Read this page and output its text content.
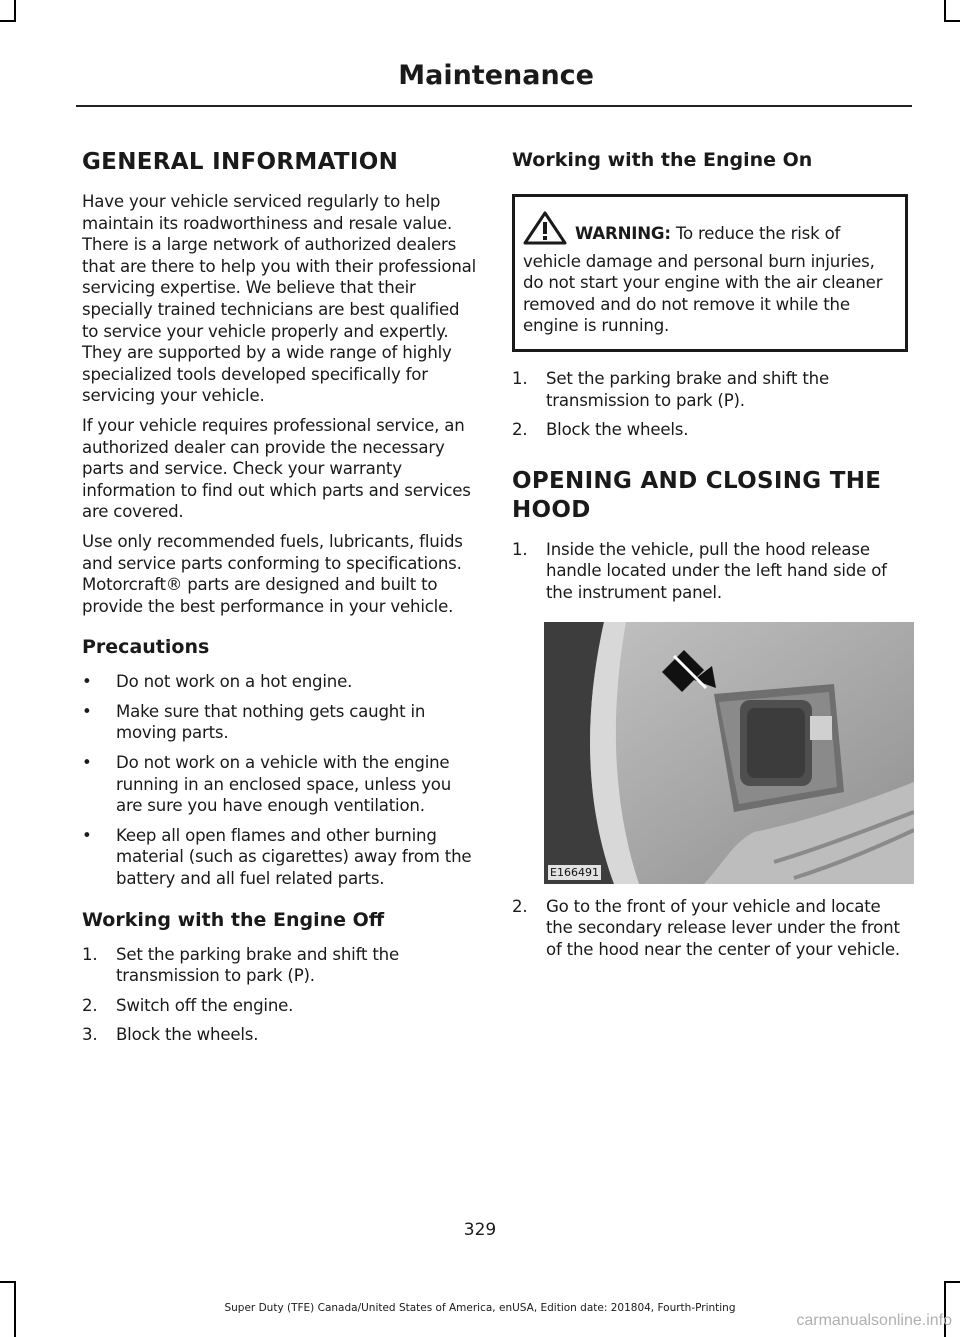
Maintenance
GENERAL INFORMATION

Have your vehicle serviced regularly to help maintain its roadworthiness and resale value. There is a large network of authorized dealers that are there to help you with their professional servicing expertise. We believe that their specially trained technicians are best qualified to service your vehicle properly and expertly. They are supported by a wide range of highly specialized tools developed specifically for servicing your vehicle.

If your vehicle requires professional service, an authorized dealer can provide the necessary parts and service. Check your warranty information to find out which parts and services are covered.

Use only recommended fuels, lubricants, fluids and service parts conforming to specifications. Motorcraft® parts are designed and built to provide the best performance in your vehicle.

Precautions
• Do not work on a hot engine.
• Make sure that nothing gets caught in moving parts.
• Do not work on a vehicle with the engine running in an enclosed space, unless you are sure you have enough ventilation.
• Keep all open flames and other burning material (such as cigarettes) away from the battery and all fuel related parts.
Working with the Engine Off
1. Set the parking brake and shift the transmission to park (P).
2. Switch off the engine.
3. Block the wheels.
Working with the Engine On
WARNING: To reduce the risk of vehicle damage and personal burn injuries, do not start your engine with the air cleaner removed and do not remove it while the engine is running.
1. Set the parking brake and shift the transmission to park (P).
2. Block the wheels.
OPENING AND CLOSING THE
HOOD
1. Inside the vehicle, pull the hood release handle located under the left hand side of the instrument panel.
E166491
2. Go to the front of your vehicle and locate the secondary release lever under the front of the hood near the center of your vehicle.
329
Super Duty (TFE) Canada/United States of America, enUSA, Edition date: 201804, Fourth-Printing
carmanualsonline.info
